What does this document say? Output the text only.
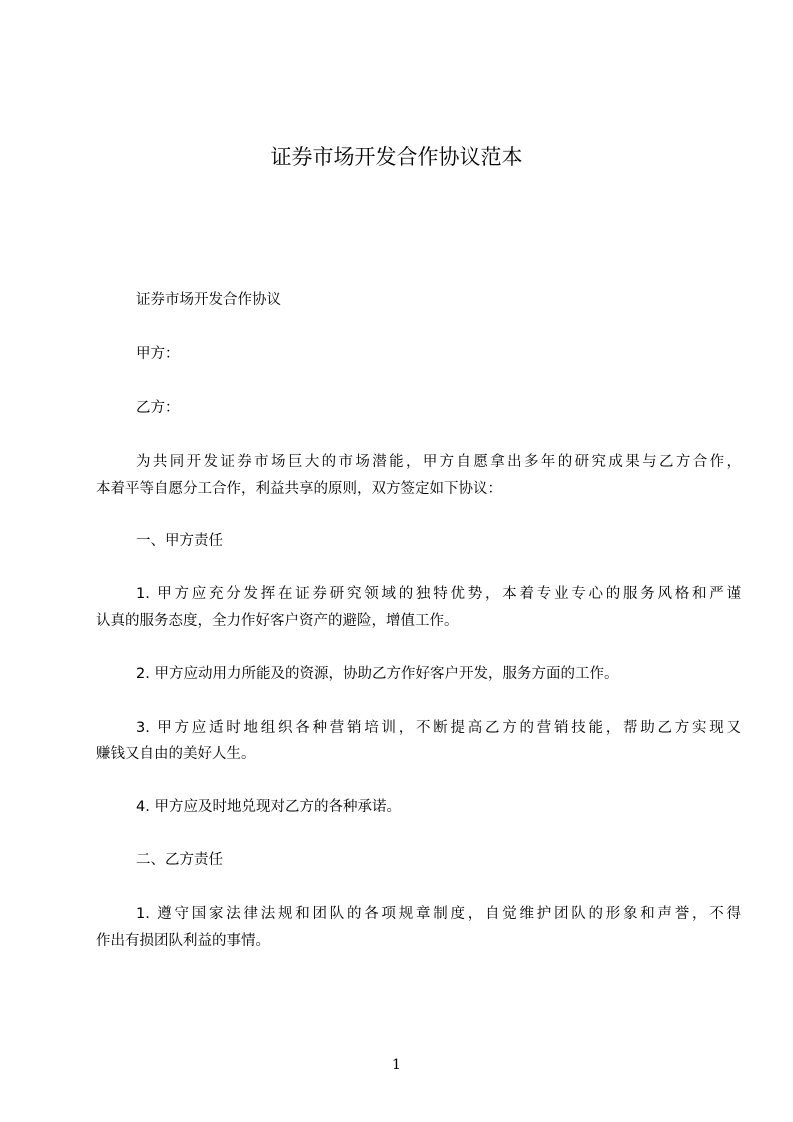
证券市场开发合作协议范本

证券市场开发合作协议

甲方：

乙方：

为共同开发证券市场巨大的市场潜能，甲方自愿拿出多年的研究成果与乙方合作，

本着平等自愿分工合作，利益共享的原则，双方签定如下协议：

一、甲方责任

1. 甲方应充分发挥在证券研究领域的独特优势，本着专业专心的服务风格和严谨

认真的服务态度，全力作好客户资产的避险，增值工作。

2. 甲方应动用力所能及的资源，协助乙方作好客户开发，服务方面的工作。

3. 甲方应适时地组织各种营销培训，不断提高乙方的营销技能，帮助乙方实现又

赚钱又自由的美好人生。

4. 甲方应及时地兑现对乙方的各种承诺。

二、乙方责任

1. 遵守国家法律法规和团队的各项规章制度，自觉维护团队的形象和声誉，不得

作出有损团队利益的事情。

1
